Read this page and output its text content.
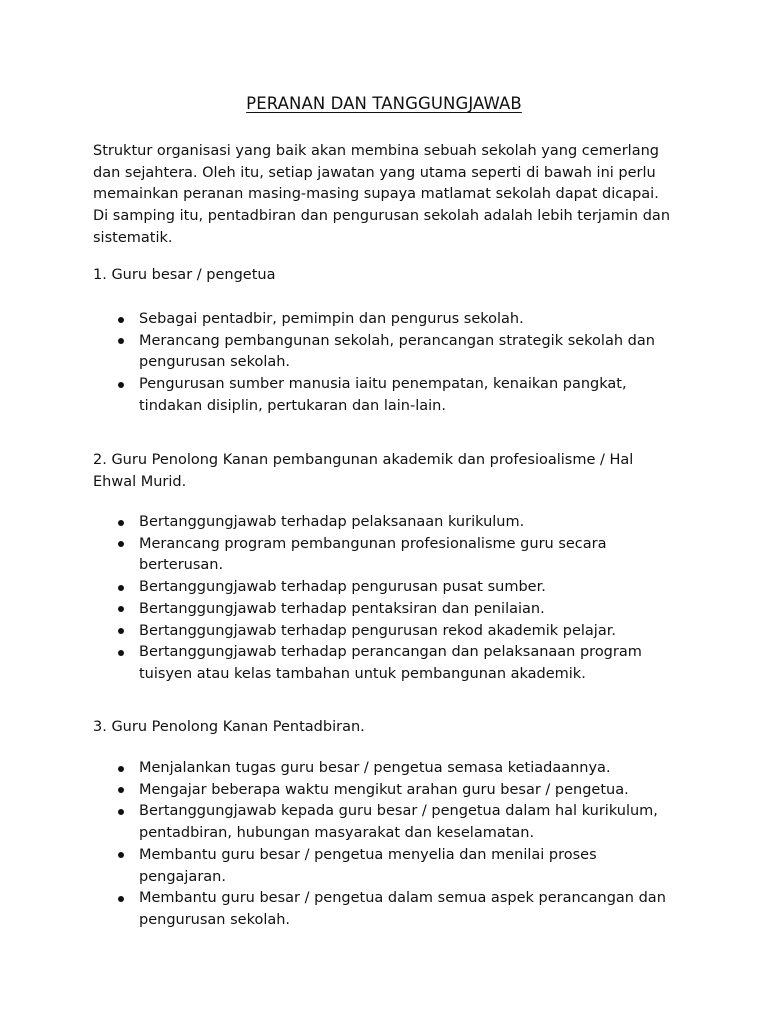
PERANAN DAN TANGGUNGJAWAB
Struktur organisasi yang baik akan membina sebuah sekolah yang cemerlang
dan sejahtera. Oleh itu, setiap jawatan yang utama seperti di bawah ini perlu
memainkan peranan masing-masing supaya matlamat sekolah dapat dicapai.
Di samping itu, pentadbiran dan pengurusan sekolah adalah lebih terjamin dan
sistematik.
1. Guru besar / pengetua
Sebagai pentadbir, pemimpin dan pengurus sekolah.
Merancang pembangunan sekolah, perancangan strategik sekolah dan
pengurusan sekolah.
Pengurusan sumber manusia iaitu penempatan, kenaikan pangkat,
tindakan disiplin, pertukaran dan lain-lain.
2. Guru Penolong Kanan pembangunan akademik dan profesioalisme / Hal
Ehwal Murid.
Bertanggungjawab terhadap pelaksanaan kurikulum.
Merancang program pembangunan profesionalisme guru secara
berterusan.
Bertanggungjawab terhadap pengurusan pusat sumber.
Bertanggungjawab terhadap pentaksiran dan penilaian.
Bertanggungjawab terhadap pengurusan rekod akademik pelajar.
Bertanggungjawab terhadap perancangan dan pelaksanaan program
tuisyen atau kelas tambahan untuk pembangunan akademik.
3. Guru Penolong Kanan Pentadbiran.
Menjalankan tugas guru besar / pengetua semasa ketiadaannya.
Mengajar beberapa waktu mengikut arahan guru besar / pengetua.
Bertanggungjawab kepada guru besar / pengetua dalam hal kurikulum,
pentadbiran, hubungan masyarakat dan keselamatan.
Membantu guru besar / pengetua menyelia dan menilai proses
pengajaran.
Membantu guru besar / pengetua dalam semua aspek perancangan dan
pengurusan sekolah.
